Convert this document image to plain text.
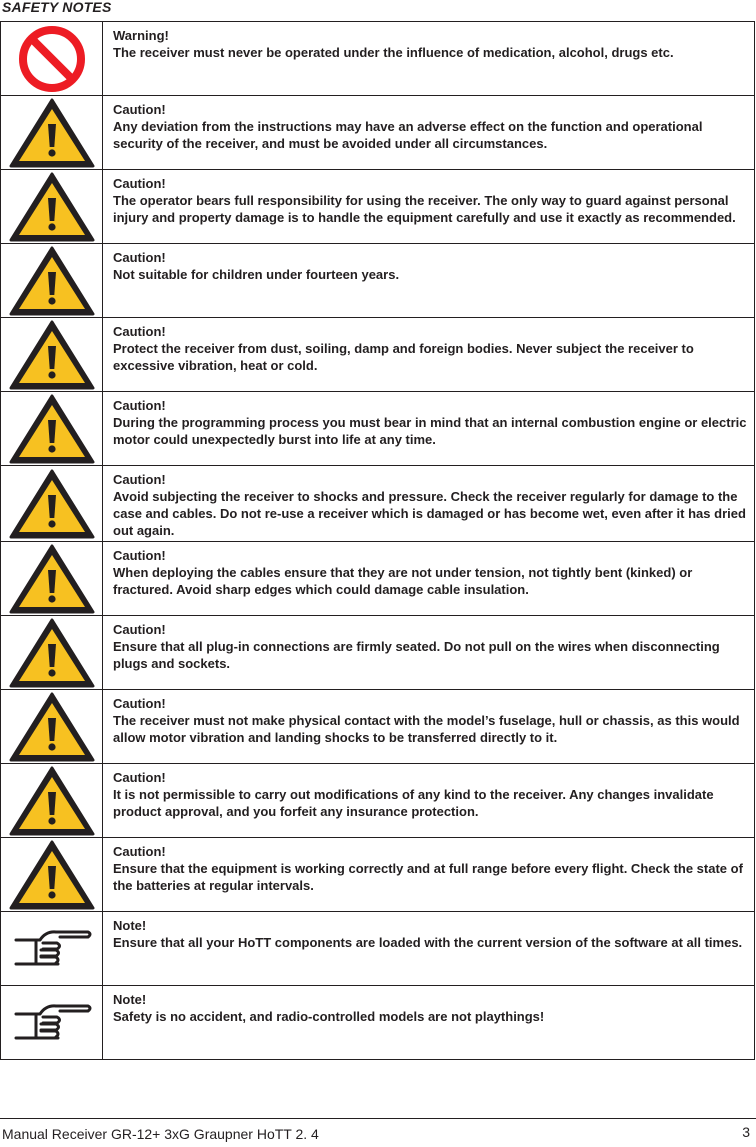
SAFETY NOTES

Warning!
The receiver must never be operated under the influence of medication, alcohol, drugs etc.

Caution!
Any deviation from the instructions may have an adverse effect on the function and operational security of the receiver, and must be avoided under all circumstances.

Caution!
The operator bears full responsibility for using the receiver. The only way to guard against personal injury and property damage is to handle the equipment carefully and use it exactly as recommended.

Caution!
Not suitable for children under fourteen years.

Caution!
Protect the receiver from dust, soiling, damp and foreign bodies. Never subject the receiver to excessive vibration, heat or cold.

Caution!
During the programming process you must bear in mind that an internal combustion engine or electric motor could unexpectedly burst into life at any time.

Caution!
Avoid subjecting the receiver to shocks and pressure. Check the receiver regularly for damage to the case and cables. Do not re-use a receiver which is damaged or has become wet, even after it has dried out again.

Caution!
When deploying the cables ensure that they are not under tension, not tightly bent (kinked) or fractured. Avoid sharp edges which could damage cable insulation.

Caution!
Ensure that all plug-in connections are firmly seated. Do not pull on the wires when disconnecting plugs and sockets.

Caution!
The receiver must not make physical contact with the model’s fuselage, hull or chassis, as this would allow motor vibration and landing shocks to be transferred directly to it.

Caution!
It is not permissible to carry out modifications of any kind to the receiver. Any changes invalidate product approval, and you forfeit any insurance protection.

Caution!
Ensure that the equipment is working correctly and at full range before every flight. Check the state of the batteries at regular intervals.

Note!
Ensure that all your HoTT components are loaded with the current version of the software at all times.

Note!
Safety is no accident, and radio-controlled models are not playthings!
Manual Receiver GR-12+ 3xG Graupner HoTT 2. 4	3
